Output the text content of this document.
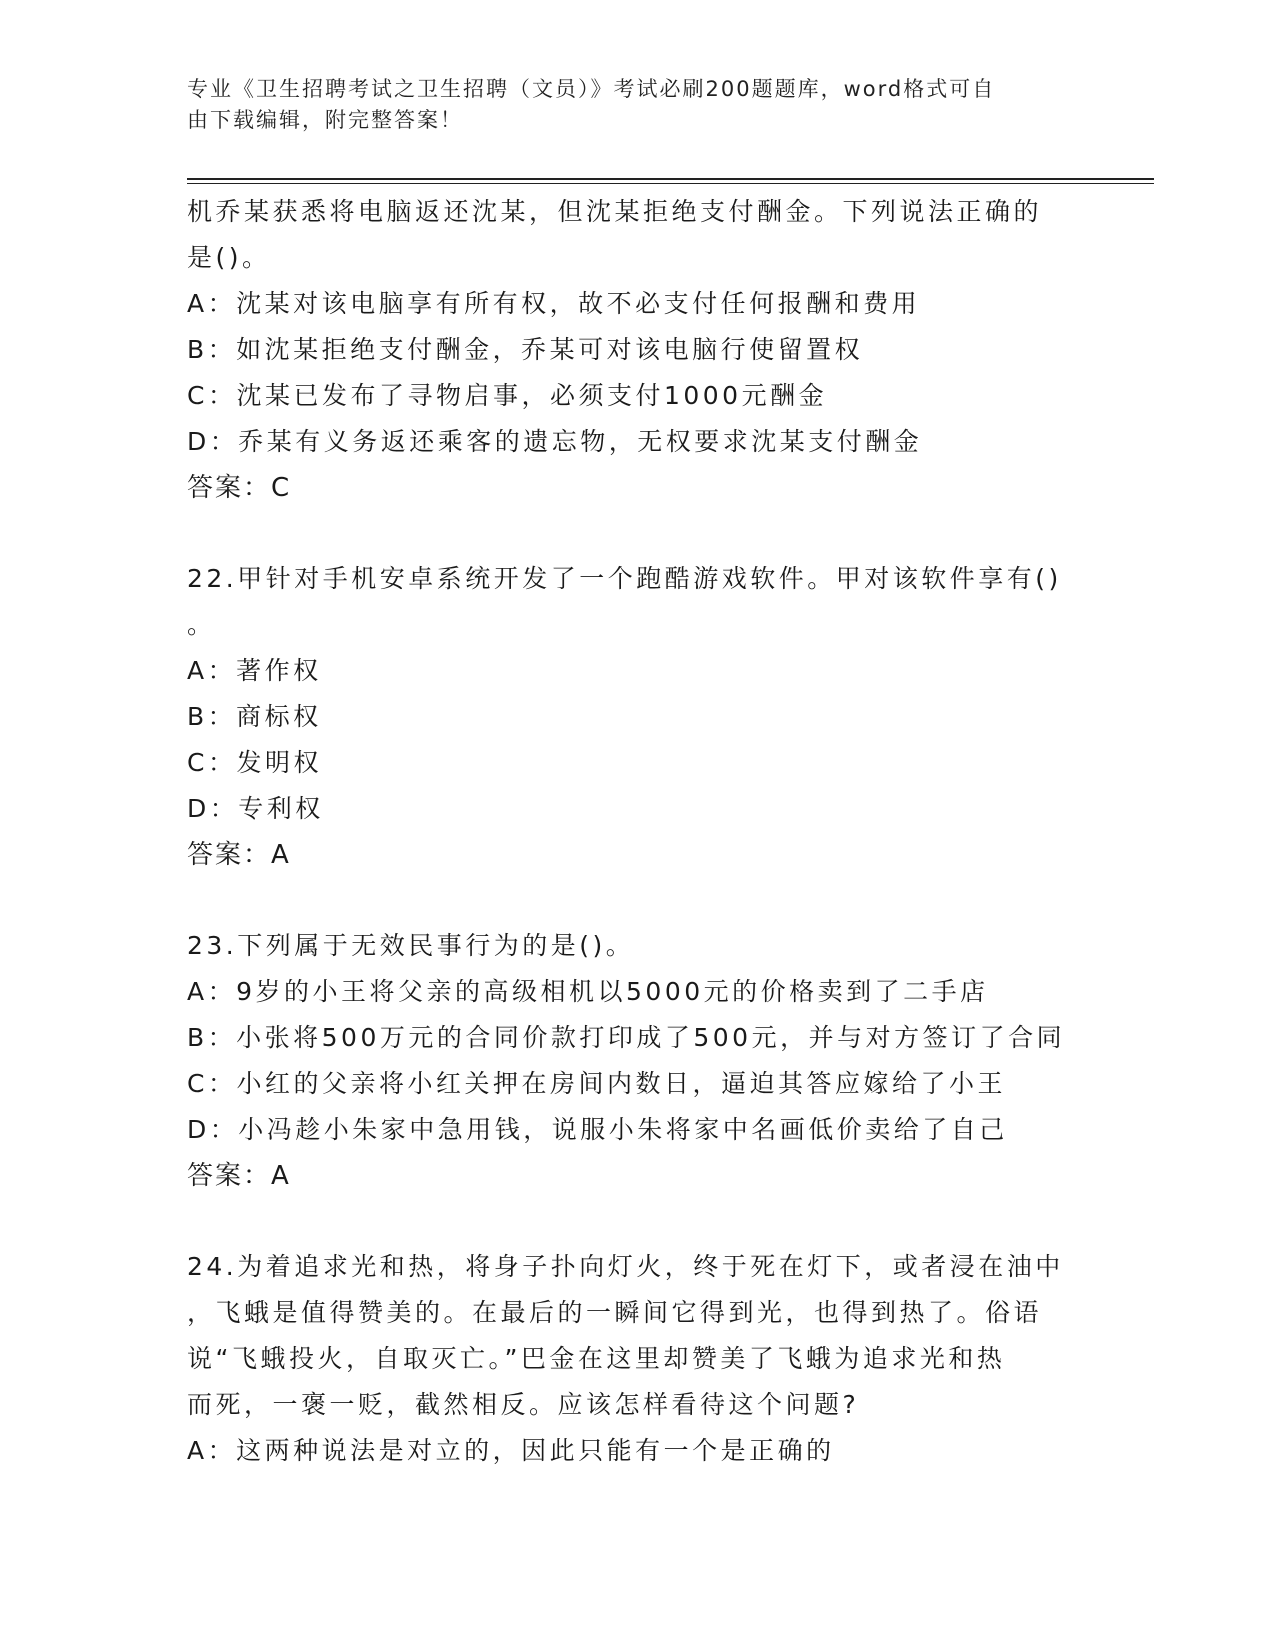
专业《卫生招聘考试之卫生招聘（文员）》考试必刷200题题库，word格式可自
由下载编辑，附完整答案！
机乔某获悉将电脑返还沈某，但沈某拒绝支付酬金。下列说法正确的
是()。
A：沈某对该电脑享有所有权，故不必支付任何报酬和费用
B：如沈某拒绝支付酬金，乔某可对该电脑行使留置权
C：沈某已发布了寻物启事，必须支付1000元酬金
D：乔某有义务返还乘客的遗忘物，无权要求沈某支付酬金
答案：C
22.甲针对手机安卓系统开发了一个跑酷游戏软件。甲对该软件享有()
。
A：著作权
B：商标权
C：发明权
D：专利权
答案：A
23.下列属于无效民事行为的是()。
A：9岁的小王将父亲的高级相机以5000元的价格卖到了二手店
B：小张将500万元的合同价款打印成了500元，并与对方签订了合同
C：小红的父亲将小红关押在房间内数日，逼迫其答应嫁给了小王
D：小冯趁小朱家中急用钱，说服小朱将家中名画低价卖给了自己
答案：A
24.为着追求光和热，将身子扑向灯火，终于死在灯下，或者浸在油中
，飞蛾是值得赞美的。在最后的一瞬间它得到光，也得到热了。俗语
说“飞蛾投火，自取灭亡。”巴金在这里却赞美了飞蛾为追求光和热
而死，一褒一贬，截然相反。应该怎样看待这个问题?
A：这两种说法是对立的，因此只能有一个是正确的
